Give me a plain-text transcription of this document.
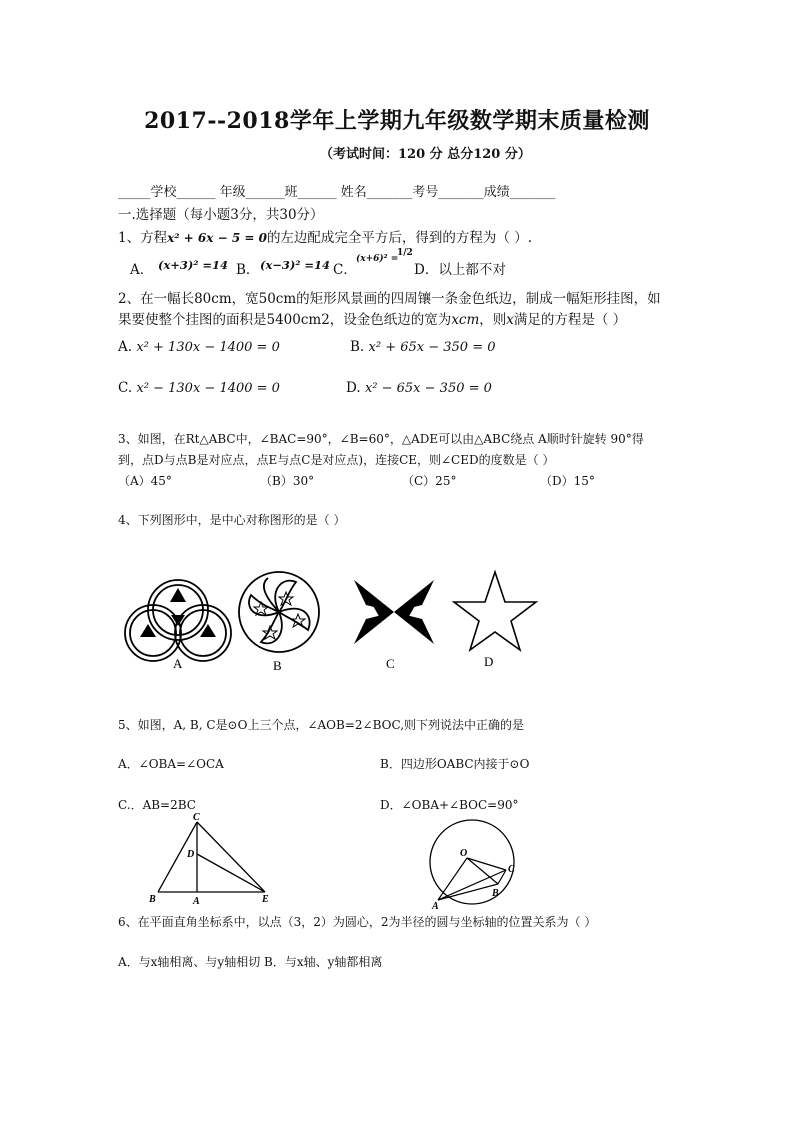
2017--2018学年上学期九年级数学期末质量检测
（考试时间：120 分 总分120 分）
_____学校______ 年级______班______ 姓名_______考号_______成绩_______
一.选择题（每小题3分，共30分）
1、方程x² + 6x − 5 = 0的左边配成完全平方后，得到的方程为（ ）.
A． (x+3)² =14 B． (x−3)² =14 C．
(x+6)² =
1/2
D．以上都不对
2、在一幅长80cm，宽50cm的矩形风景画的四周镶一条金色纸边，制成一幅矩形挂图，如
果要使整个挂图的面积是5400cm2，设金色纸边的宽为xcm，则x满足的方程是（ ）
A. x² + 130x − 1400 = 0	B. x² + 65x − 350 = 0
C. x² − 130x − 1400 = 0	D. x² − 65x − 350 = 0
3、如图，在Rt△ABC中，∠BAC=90°，∠B=60°，△ADE可以由△ABC绕点 A顺时针旋转 90°得
到，点D与点B是对应点，点E与点C是对应点)，连接CE，则∠CED的度数是（ ）
（A）45°	（B）30°	（C）25°	（D）15°
4、下列图形中，是中心对称图形的是（ ）
A	B	C	D
5、如图，A, B, C是⊙O上三个点，∠AOB=2∠BOC,则下列说法中正确的是
A．∠OBA=∠OCA	B．四边形OABC内接于⊙O
C.．AB=2BC	D．∠OBA+∠BOC=90°
C
D
B	A	E
O
C
B
A
6、在平面直角坐标系中，以点（3，2）为圆心，2为半径的圆与坐标轴的位置关系为（ ）
A．与x轴相离、与y轴相切 B．与x轴、y轴都相离
